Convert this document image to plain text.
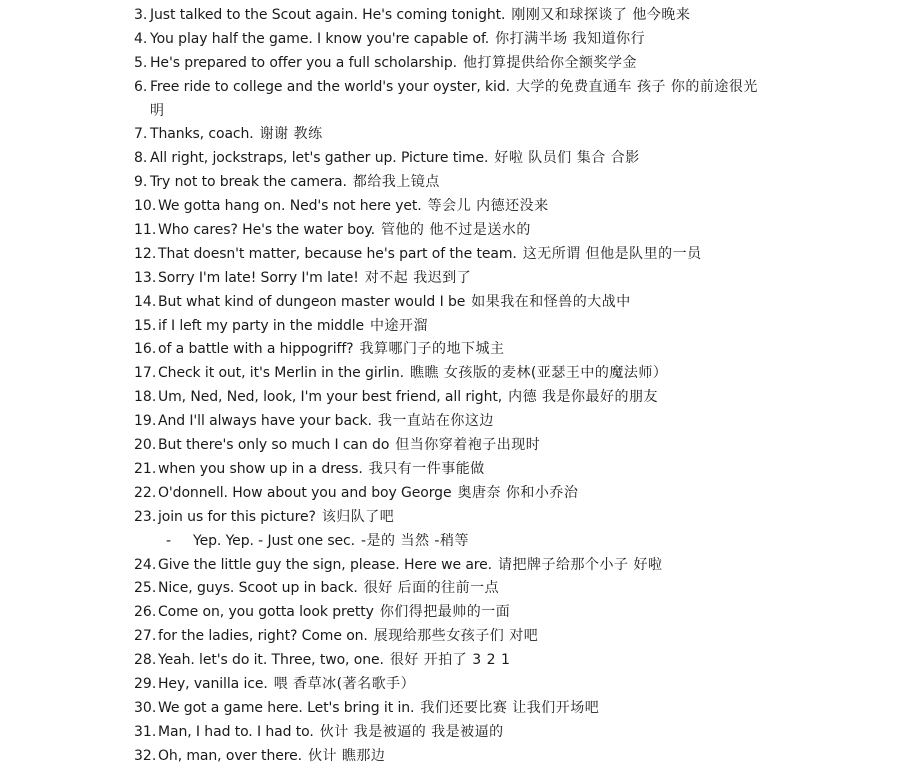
3. Just talked to the Scout again. He's coming tonight. 刚刚又和球探谈了 他今晚来
4. You play half the game. I know you're capable of. 你打满半场 我知道你行
5. He's prepared to offer you a full scholarship. 他打算提供给你全额奖学金
6. Free ride to college and the world's your oyster, kid. 大学的免费直通车 孩子 你的前途很光
明
7. Thanks, coach. 谢谢 教练
8. All right, jockstraps, let's gather up. Picture time. 好啦 队员们 集合 合影
9. Try not to break the camera. 都给我上镜点
10. We gotta hang on. Ned's not here yet. 等会儿 内德还没来
11. Who cares? He's the water boy. 管他的 他不过是送水的
12. That doesn't matter, because he's part of the team. 这无所谓 但他是队里的一员
13. Sorry I'm late! Sorry I'm late! 对不起 我迟到了
14. But what kind of dungeon master would I be 如果我在和怪兽的大战中
15. if I left my party in the middle 中途开溜
16. of a battle with a hippogriff? 我算哪门子的地下城主
17. Check it out, it's Merlin in the girlin. 瞧瞧 女孩版的麦林(亚瑟王中的魔法师）
18. Um, Ned, Ned, look, I'm your best friend, all right, 内德 我是你最好的朋友
19. And I'll always have your back. 我一直站在你这边
20. But there's only so much I can do 但当你穿着袍子出现时
21. when you show up in a dress. 我只有一件事能做
22. O'donnell. How about you and boy George 奥唐奈 你和小乔治
23. join us for this picture? 该归队了吧
- Yep. Yep. - Just one sec. -是的 当然 -稍等
24. Give the little guy the sign, please. Here we are. 请把牌子给那个小子 好啦
25. Nice, guys. Scoot up in back. 很好 后面的往前一点
26. Come on, you gotta look pretty 你们得把最帅的一面
27. for the ladies, right? Come on. 展现给那些女孩子们 对吧
28. Yeah. let's do it. Three, two, one. 很好 开拍了 3 2 1
29. Hey, vanilla ice. 喂 香草冰(著名歌手）
30. We got a game here. Let's bring it in. 我们还要比赛 让我们开场吧
31. Man, I had to. I had to. 伙计 我是被逼的 我是被逼的
32. Oh, man, over there. 伙计 瞧那边
